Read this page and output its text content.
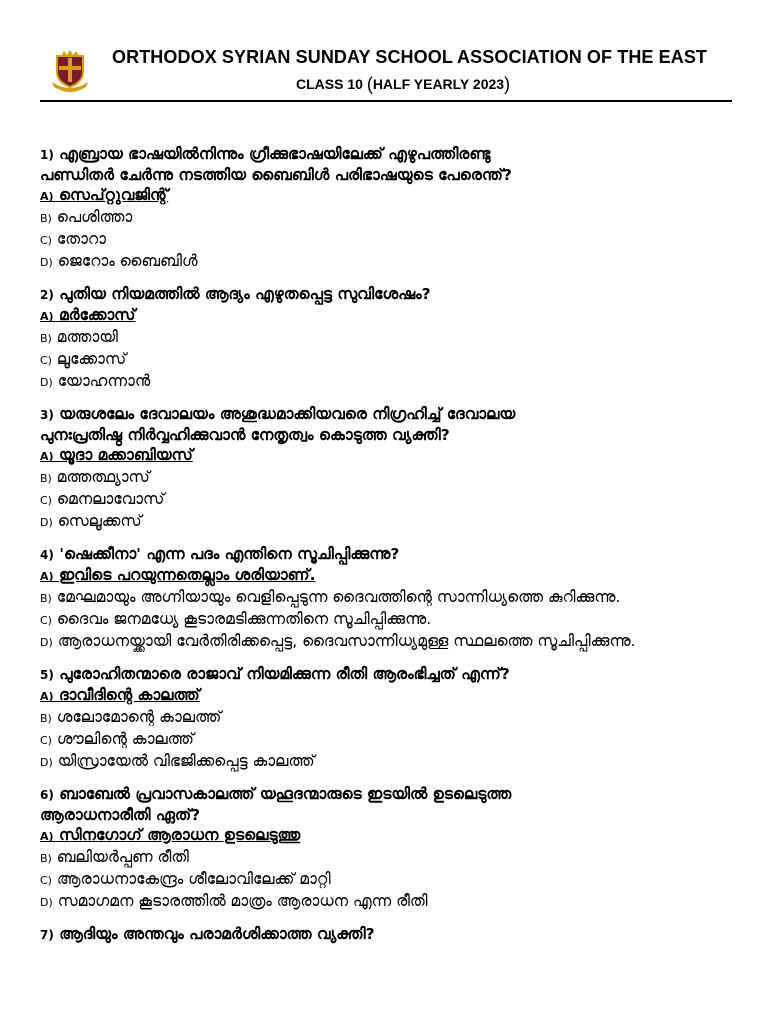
ORTHODOX SYRIAN SUNDAY SCHOOL ASSOCIATION OF THE EAST
CLASS 10 (HALF YEARLY 2023)
1) എബ്രായ ഭാഷയിൽനിന്നും ഗ്രീക്കുഭാഷയിലേക്ക് എഴുപത്തിരണ്ടു
പണ്ഡിതർ ചേർന്നു നടത്തിയ ബൈബിൾ പരിഭാഷയുടെ പേരെന്ത്?
A) സെപ്റ്റുവജിന്റ്
B) പെശിത്താ
C) തോറാ
D) ജെറോം ബൈബിൾ
2) പുതിയ നിയമത്തിൽ ആദ്യം എഴുതപ്പെട്ട സുവിശേഷം?
A) മർക്കോസ്
B) മത്തായി
C) ലൂക്കോസ്
D) യോഹന്നാൻ
3) യരുശലേം ദേവാലയം അശുദ്ധമാക്കിയവരെ നിഗ്രഹിച്ച് ദേവാലയ
പുനഃപ്രതിഷ്ഠ നിർവ്വഹിക്കുവാൻ നേതൃത്വം കൊടുത്ത വ്യക്തി?
A) യൂദാ മക്കാബിയസ്
B) മത്തത്ഥ്യാസ്
C) മെനലാവോസ്
D) സെലൂക്കസ്
4) 'ഷെക്കീനാ' എന്ന പദം എന്തിനെ സൂചിപ്പിക്കുന്നു?
A) ഇവിടെ പറയുന്നതെല്ലാം ശരിയാണ്.
B) മേഘമായും അഗ്നിയായും വെളിപ്പെടുന്ന ദൈവത്തിന്റെ സാന്നിധ്യത്തെ കുറിക്കുന്നു.
C) ദൈവം ജനമധ്യേ കൂടാരമടിക്കുന്നതിനെ സൂചിപ്പിക്കുന്നു.
D) ആരാധനയ്ക്കായി വേർതിരിക്കപ്പെട്ട, ദൈവസാന്നിധ്യമുള്ള സ്ഥലത്തെ സൂചിപ്പിക്കുന്നു.
5) പുരോഹിതന്മാരെ രാജാവ് നിയമിക്കുന്ന രീതി ആരംഭിച്ചത് എന്ന്?
A) ദാവീദിന്റെ കാലത്ത്
B) ശലോമോന്റെ കാലത്ത്
C) ശൗലിന്റെ കാലത്ത്
D) യിസ്രായേൽ വിഭജിക്കപ്പെട്ട കാലത്ത്
6) ബാബേൽ പ്രവാസകാലത്ത് യഹൂദന്മാരുടെ ഇടയിൽ ഉടലെടുത്ത
ആരാധനാരീതി ഏത്?
A) സിനഗോഗ് ആരാധന ഉടലെടുത്തു
B) ബലിയർപ്പണ രീതി
C) ആരാധനാകേന്ദ്രം ശീലോവിലേക്ക് മാറ്റി
D) സമാഗമന കൂടാരത്തിൽ മാത്രം ആരാധന എന്ന രീതി
7) ആദിയും അന്തവും പരാമർശിക്കാത്ത വ്യക്തി?
